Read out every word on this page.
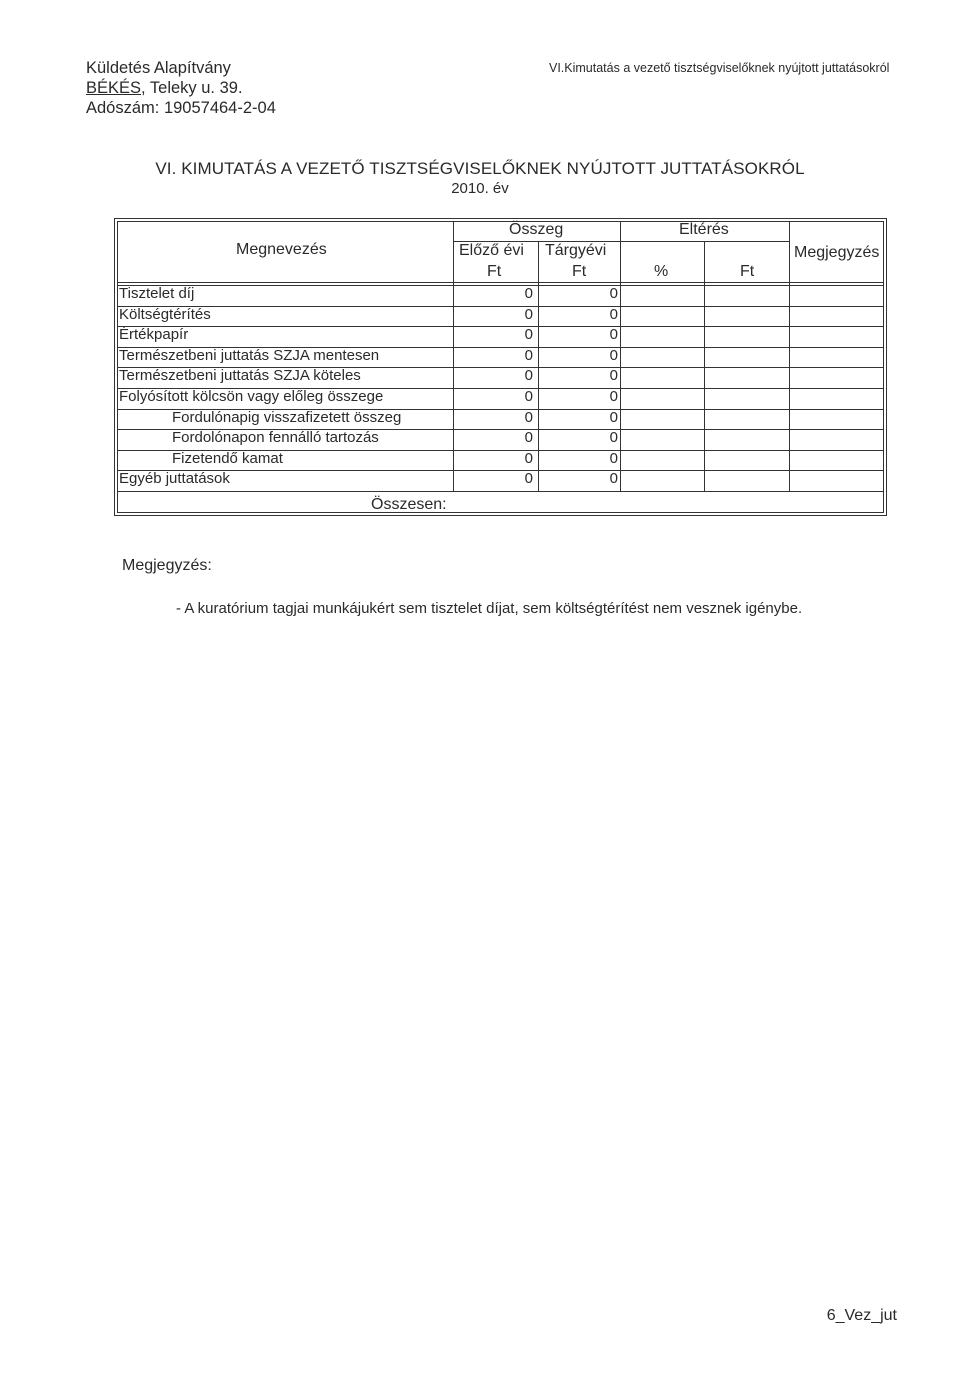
Küldetés Alapítvány
BÉKÉS, Teleky u. 39.
Adószám: 19057464-2-04
VI.Kimutatás a vezető tisztségviselőknek nyújtott juttatásokról
VI. KIMUTATÁS A VEZETŐ TISZTSÉGVISELŐKNEK NYÚJTOTT JUTTATÁSOKRÓL
2010. év
Megnevezés
Összeg
Előző évi Tárgyévi
Ft	Ft
Eltérés
%	Ft
Megjegyzés
Tisztelet díj	0	0
Költségtérítés	0	0
Értékpapír	0	0
Természetbeni juttatás SZJA mentesen	0	0
Természetbeni juttatás SZJA köteles	0	0
Folyósított kölcsön vagy előleg összege	0	0
Fordulónapig visszafizetett összeg	0	0
Fordolónapon fennálló tartozás	0	0
Fizetendő kamat	0	0
Egyéb juttatások	0	0
Összesen:
Megjegyzés:
- A kuratórium tagjai munkájukért sem tisztelet díjat, sem költségtérítést nem vesznek igénybe.
6_Vez_jut
